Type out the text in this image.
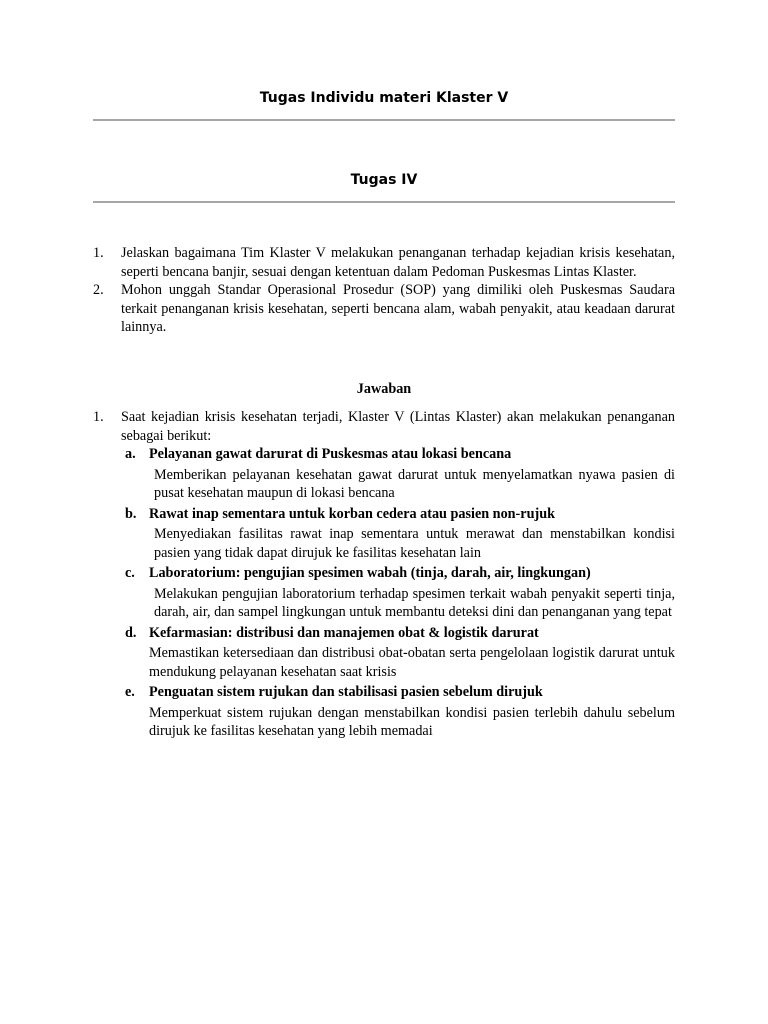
Tugas Individu materi Klaster V
Tugas IV
1. Jelaskan bagaimana Tim Klaster V melakukan penanganan terhadap kejadian krisis kesehatan, seperti bencana banjir, sesuai dengan ketentuan dalam Pedoman Puskesmas Lintas Klaster.
2. Mohon unggah Standar Operasional Prosedur (SOP) yang dimiliki oleh Puskesmas Saudara terkait penanganan krisis kesehatan, seperti bencana alam, wabah penyakit, atau keadaan darurat lainnya.
Jawaban
1. Saat kejadian krisis kesehatan terjadi, Klaster V (Lintas Klaster) akan melakukan penanganan sebagai berikut:
a. Pelayanan gawat darurat di Puskesmas atau lokasi bencana
Memberikan pelayanan kesehatan gawat darurat untuk menyelamatkan nyawa pasien di pusat kesehatan maupun di lokasi bencana
b. Rawat inap sementara untuk korban cedera atau pasien non-rujuk
Menyediakan fasilitas rawat inap sementara untuk merawat dan menstabilkan kondisi pasien yang tidak dapat dirujuk ke fasilitas kesehatan lain
c. Laboratorium: pengujian spesimen wabah (tinja, darah, air, lingkungan)
Melakukan pengujian laboratorium terhadap spesimen terkait wabah penyakit seperti tinja, darah, air, dan sampel lingkungan untuk membantu deteksi dini dan penanganan yang tepat
d. Kefarmasian: distribusi dan manajemen obat & logistik darurat
Memastikan ketersediaan dan distribusi obat-obatan serta pengelolaan logistik darurat untuk mendukung pelayanan kesehatan saat krisis
e. Penguatan sistem rujukan dan stabilisasi pasien sebelum dirujuk
Memperkuat sistem rujukan dengan menstabilkan kondisi pasien terlebih dahulu sebelum dirujuk ke fasilitas kesehatan yang lebih memadai
